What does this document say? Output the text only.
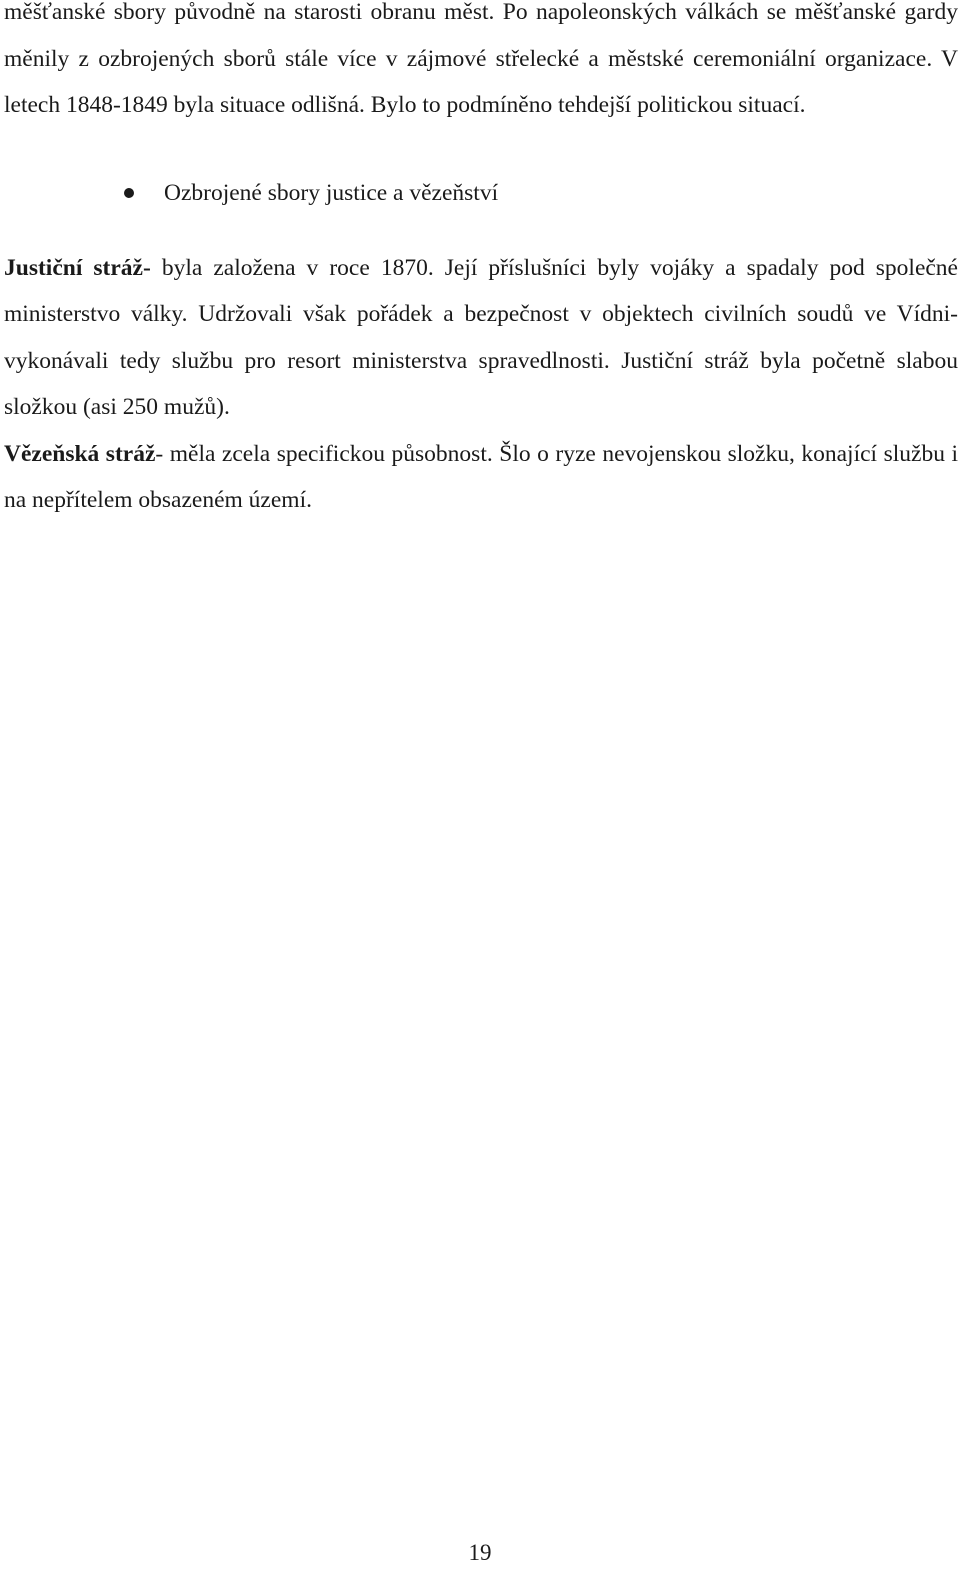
měšťanské sbory původně na starosti obranu měst. Po napoleonských válkách se měšťanské gardy měnily z ozbrojených sborů stále více v zájmové střelecké a městské ceremoniální organizace. V letech 1848-1849 byla situace odlišná. Bylo to podmíněno tehdejší politickou situací.

Ozbrojené sbory justice a vězeňství

Justiční stráž- byla založena v roce 1870. Její příslušníci byly vojáky a spadaly pod společné ministerstvo války. Udržovali však pořádek a bezpečnost v objektech civilních soudů ve Vídni-vykonávali tedy službu pro resort ministerstva spravedlnosti. Justiční stráž byla početně slabou složkou (asi 250 mužů).

Vězeňská stráž- měla zcela specifickou působnost. Šlo o ryze nevojenskou složku, konající službu i na nepřítelem obsazeném území.

19
